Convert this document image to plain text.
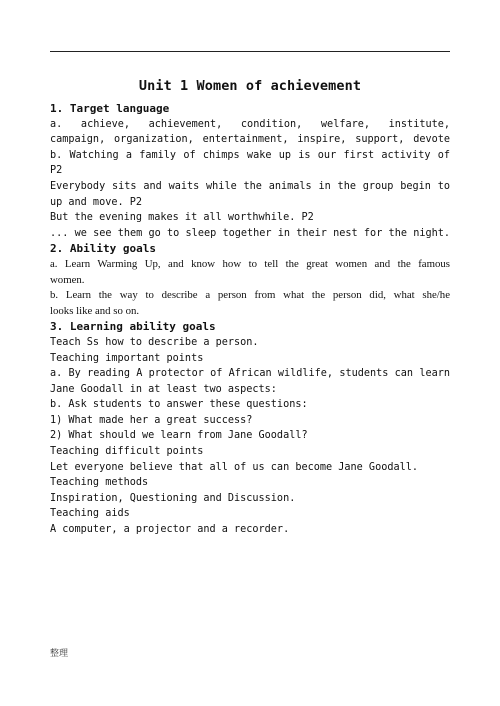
Unit 1 Women of achievement
1. Target language
a. achieve, achievement, condition, welfare, institute,
campaign, organization, entertainment, inspire, support, devote
b. Watching a family of chimps wake up is our first activity of
P2
Everybody sits and waits while the animals in the group begin to
up and move. P2
But the evening makes it all worthwhile. P2
... we see them go to sleep together in their nest for the night.
2. Ability goals
a. Learn Warming Up, and know how to tell the great women and the famous
women.
b. Learn the way to describe a person from what the person did, what she/he
looks like and so on.
3. Learning ability goals
Teach Ss how to describe a person.
Teaching important points
a. By reading A protector of African wildlife, students can learn
Jane Goodall in at least two aspects:
b. Ask students to answer these questions:
1) What made her a great success?
2) What should we learn from Jane Goodall?
Teaching difficult points
Let everyone believe that all of us can become Jane Goodall.
Teaching methods
Inspiration, Questioning and Discussion.
Teaching aids
A computer, a projector and a recorder.
整理
